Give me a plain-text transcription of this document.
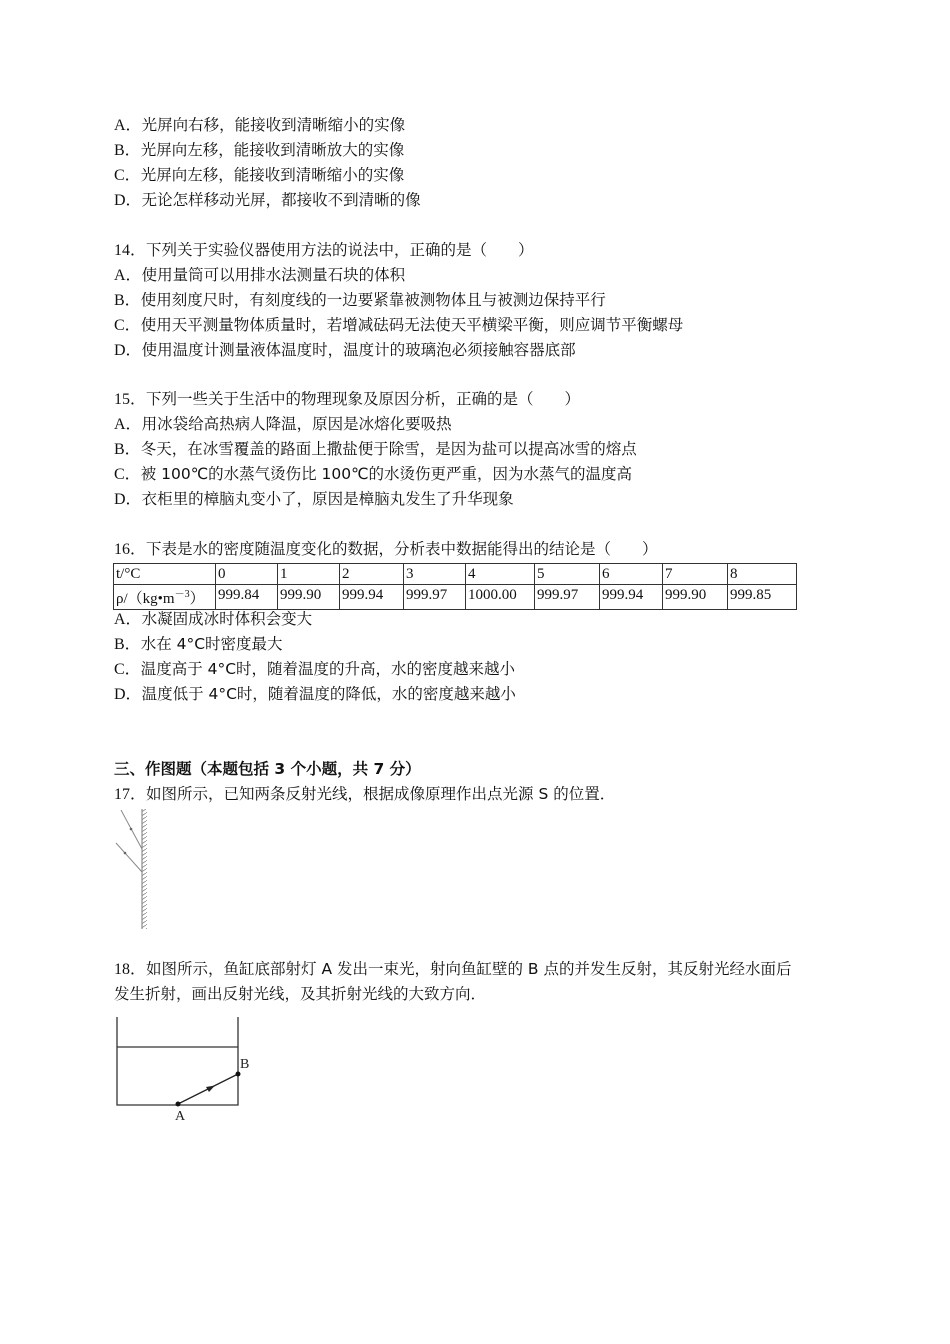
A．光屏向右移，能接收到清晰缩小的实像
B．光屏向左移，能接收到清晰放大的实像
C．光屏向左移，能接收到清晰缩小的实像
D．无论怎样移动光屏，都接收不到清晰的像
14．下列关于实验仪器使用方法的说法中，正确的是（　　）
A．使用量筒可以用排水法测量石块的体积
B．使用刻度尺时，有刻度线的一边要紧靠被测物体且与被测边保持平行
C．使用天平测量物体质量时，若增减砝码无法使天平横梁平衡，则应调节平衡螺母
D．使用温度计测量液体温度时，温度计的玻璃泡必须接触容器底部
15．下列一些关于生活中的物理现象及原因分析，正确的是（　　）
A．用冰袋给高热病人降温，原因是冰熔化要吸热
B．冬天，在冰雪覆盖的路面上撒盐便于除雪，是因为盐可以提高冰雪的熔点
C．被 100℃的水蒸气烫伤比 100℃的水烫伤更严重，因为水蒸气的温度高
D．衣柜里的樟脑丸变小了，原因是樟脑丸发生了升华现象
16．下表是水的密度随温度变化的数据，分析表中数据能得出的结论是（　　）
t/°C	0	1	2	3	4	5	6	7	8
$\rho/(kg•m^{-3})$	999.84	999.90	999.94	999.97	1000.00	999.97	999.94	999.90	999.85
A．水凝固成冰时体积会变大
B．水在 4°C时密度最大
C．温度高于 4°C时，随着温度的升高，水的密度越来越小
D．温度低于 4°C时，随着温度的降低，水的密度越来越小
三、作图题（本题包括 3 个小题，共 7 分）
17．如图所示，已知两条反射光线，根据成像原理作出点光源 S 的位置．
18．如图所示，鱼缸底部射灯 A 发出一束光，射向鱼缸壁的 B 点的并发生反射，其反射光经水面后
发生折射，画出反射光线，及其折射光线的大致方向．
A
B
